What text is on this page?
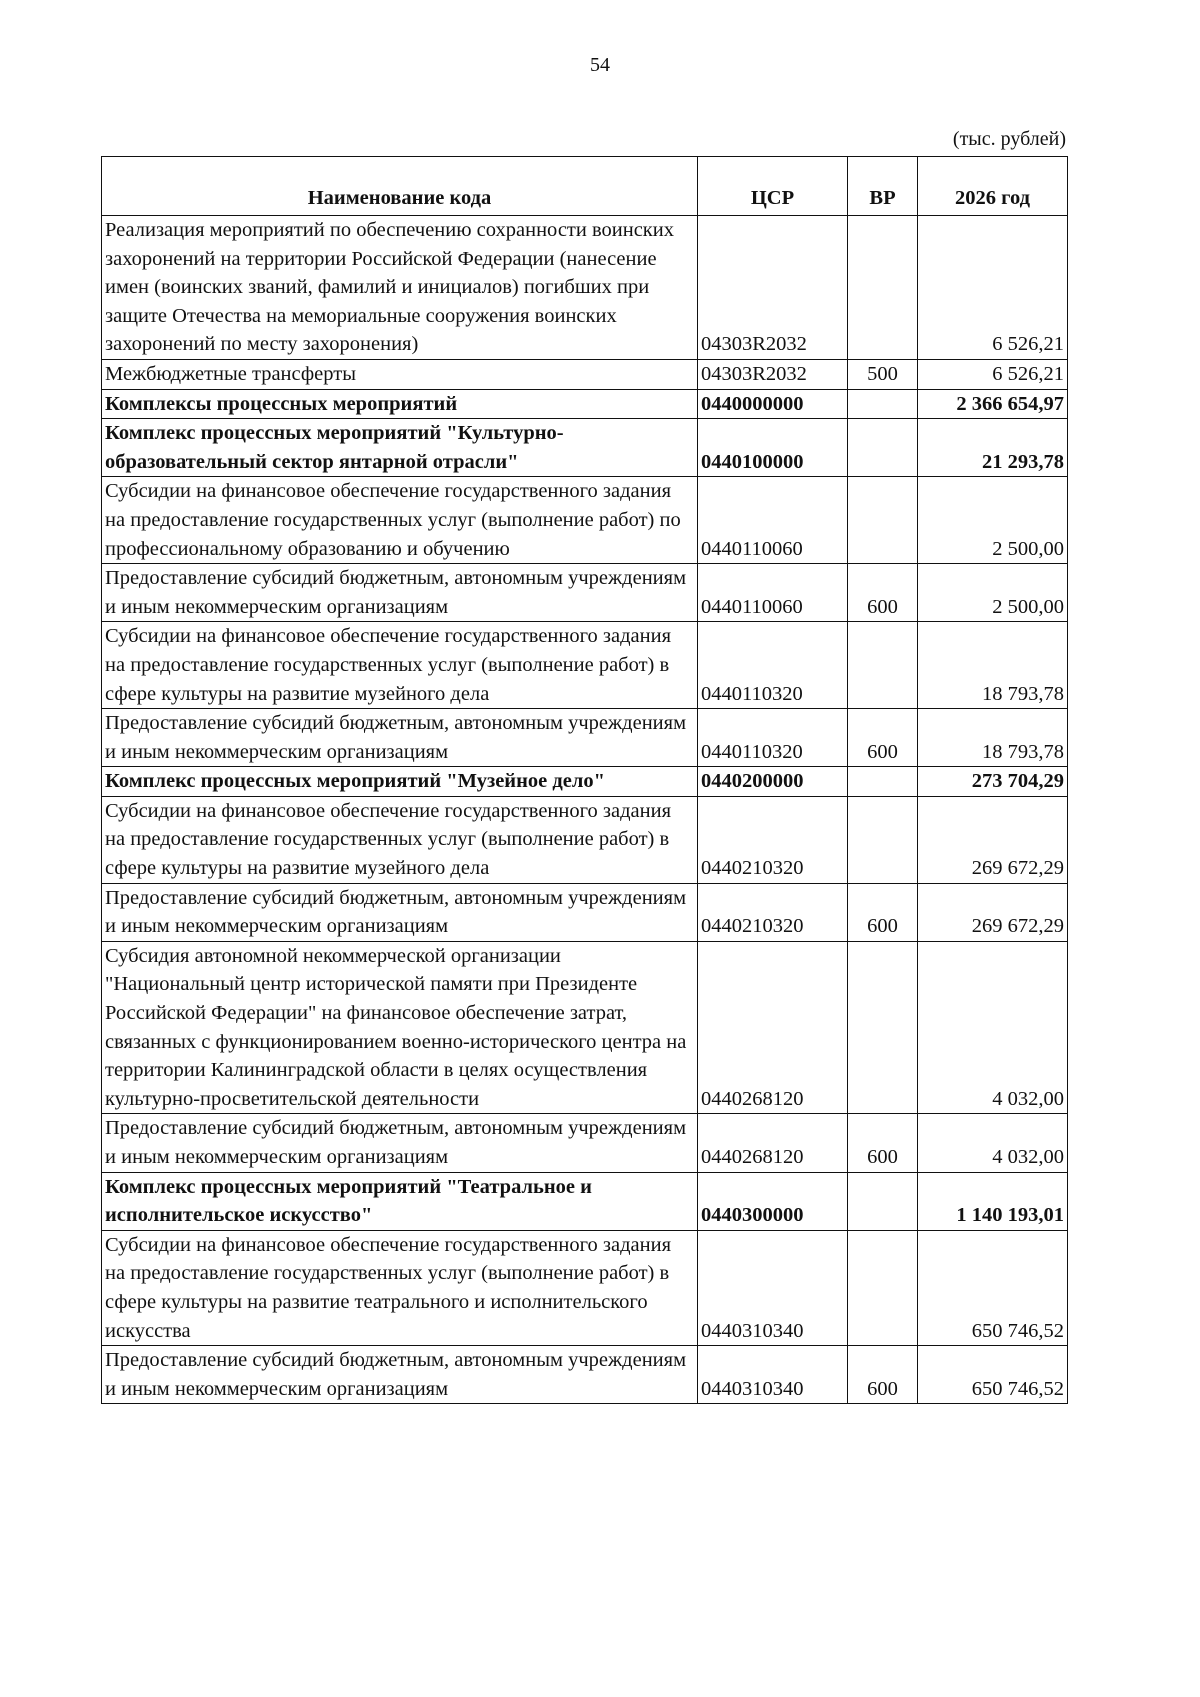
54
(тыс. рублей)
Наименование кода	ЦСР	ВР	2026 год
Реализация мероприятий по обеспечению сохранности воинских захоронений на территории Российской Федерации (нанесение имен (воинских званий, фамилий и инициалов) погибших при защите Отечества на мемориальные сооружения воинских захоронений по месту захоронения)	04303R2032		6 526,21
Межбюджетные трансферты	04303R2032	500	6 526,21
Комплексы процессных мероприятий	0440000000		2 366 654,97
Комплекс процессных мероприятий "Культурно-образовательный сектор янтарной отрасли"	0440100000		21 293,78
Субсидии на финансовое обеспечение государственного задания на предоставление государственных услуг (выполнение работ) по профессиональному образованию и обучению	0440110060		2 500,00
Предоставление субсидий бюджетным, автономным учреждениям и иным некоммерческим организациям	0440110060	600	2 500,00
Субсидии на финансовое обеспечение государственного задания на предоставление государственных услуг (выполнение работ) в сфере культуры на развитие музейного дела	0440110320		18 793,78
Предоставление субсидий бюджетным, автономным учреждениям и иным некоммерческим организациям	0440110320	600	18 793,78
Комплекс процессных мероприятий "Музейное дело"	0440200000		273 704,29
Субсидии на финансовое обеспечение государственного задания на предоставление государственных услуг (выполнение работ) в сфере культуры на развитие музейного дела	0440210320		269 672,29
Предоставление субсидий бюджетным, автономным учреждениям и иным некоммерческим организациям	0440210320	600	269 672,29
Субсидия автономной некоммерческой организации "Национальный центр исторической памяти при Президенте Российской Федерации" на финансовое обеспечение затрат, связанных с функционированием военно-исторического центра на территории Калининградской области в целях осуществления культурно-просветительской деятельности	0440268120		4 032,00
Предоставление субсидий бюджетным, автономным учреждениям и иным некоммерческим организациям	0440268120	600	4 032,00
Комплекс процессных мероприятий "Театральное и исполнительское искусство"	0440300000		1 140 193,01
Субсидии на финансовое обеспечение государственного задания на предоставление государственных услуг (выполнение работ) в сфере культуры на развитие театрального и исполнительского искусства	0440310340		650 746,52
Предоставление субсидий бюджетным, автономным учреждениям и иным некоммерческим организациям	0440310340	600	650 746,52
